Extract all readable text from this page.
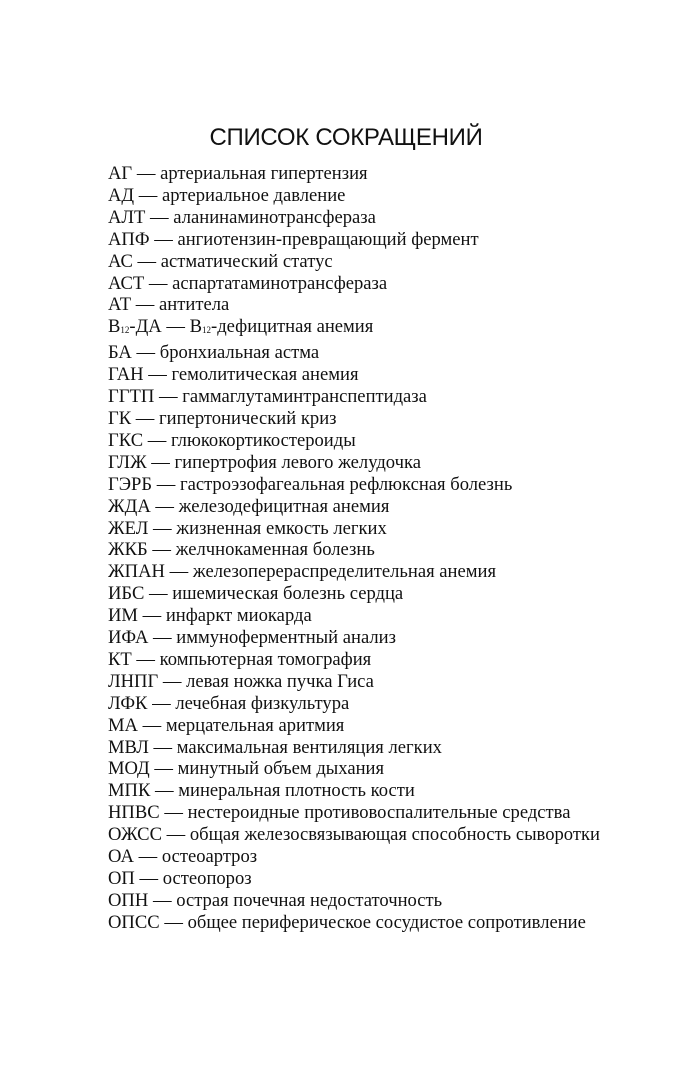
СПИСОК СОКРАЩЕНИЙ
АГ — артериальная гипертензия
АД — артериальное давление
АЛТ — аланинаминотрансфераза
АПФ — ангиотензин-превращающий фермент
АС — астматический статус
АСТ — аспартатаминотрансфераза
АТ — антитела
$В_{12}-ДА$ — $В_{12}$-дефицитная анемия
БА — бронхиальная астма
ГАН — гемолитическая анемия
ГГТП — гаммаглутаминтранспептидаза
ГК — гипертонический криз
ГКС — глюкокортикостероиды
ГЛЖ — гипертрофия левого желудочка
ГЭРБ — гастроэзофагеальная рефлюксная болезнь
ЖДА — железодефицитная анемия
ЖЕЛ — жизненная емкость легких
ЖКБ — желчнокаменная болезнь
ЖПАН — железоперераспределительная анемия
ИБС — ишемическая болезнь сердца
ИМ — инфаркт миокарда
ИФА — иммуноферментный анализ
КТ — компьютерная томография
ЛНПГ — левая ножка пучка Гиса
ЛФК — лечебная физкультура
МА — мерцательная аритмия
МВЛ — максимальная вентиляция легких
МОД — минутный объем дыхания
МПК — минеральная плотность кости
НПВС — нестероидные противовоспалительные средства
ОЖСС — общая железосвязывающая способность сыворотки
ОА — остеоартроз
ОП — остеопороз
ОПН — острая почечная недостаточность
ОПСС — общее периферическое сосудистое сопротивление
